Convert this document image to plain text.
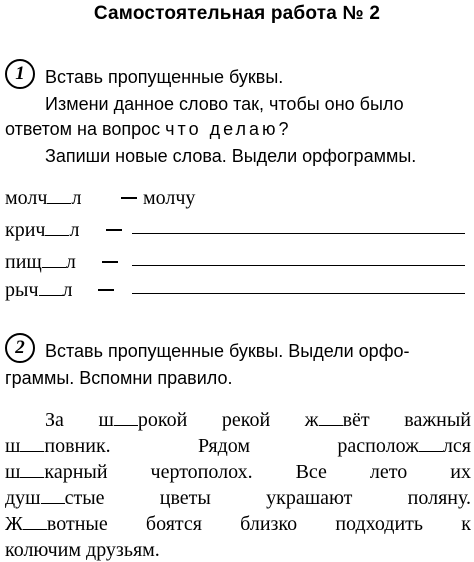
Самостоятельная работа № 2
1 Вставь пропущенные буквы.
Измени данное слово так, чтобы оно было
ответом на вопрос что делаю?
Запиши новые слова. Выдели орфограммы.
молч л	молчу
крич л
пищ л
рыч л
2 Вставь пропущенные буквы. Выдели орфо-
граммы. Вспомни правило.
За ш рокой рекой ж вёт важный
ш повник.	Рядом	располож лся
ш карный чертополох. Все лето их
душ стые	цветы	украшают	поляну.
Ж вотные боятся близко подходить к
колючим друзьям.
